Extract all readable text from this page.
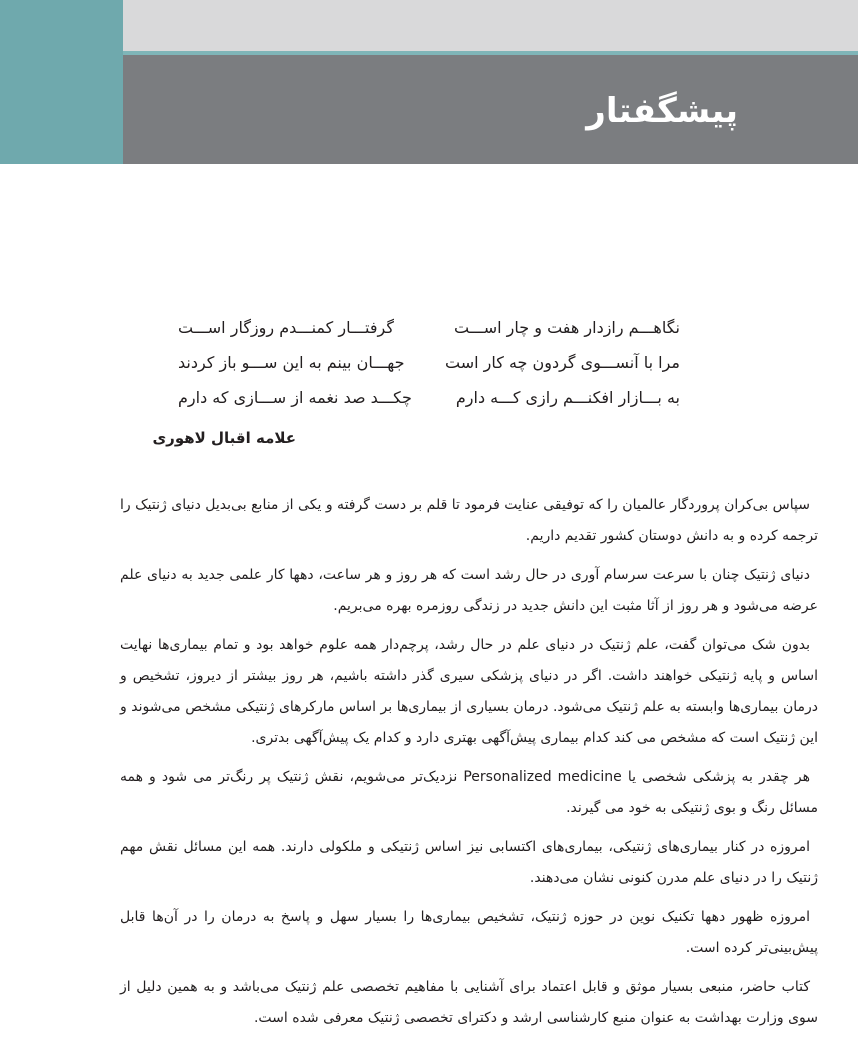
پیشگفتار
نگاهـــم رازدار هفت و چار اســـت
گرفتـــار کمنـــدم روزگار اســـت
مرا با آنســـوی گردون چه کار است
جهـــان بینم به این ســـو باز کردند
به بـــازار افکنـــم رازی کـــه دارم
چکـــد صد نغمه از ســـازی که دارم

علامه اقبال لاهوری

سپاس بی‌کران پروردگار عالمیان را که توفیقی عنایت فرمود تا قلم بر دست گرفته و یکی از منابع بی‌بدیل دنیای ژنتیک را ترجمه کرده و به دانش دوستان کشور تقدیم داریم.

دنیای ژنتیک چنان با سرعت سرسام آوری در حال رشد است که هر روز و هر ساعت، دهها کار علمی جدید به دنیای علم عرضه می‌شود و هر روز از آثا مثبت این دانش جدید در زندگی روزمره بهره می‌بریم.

بدون شک می‌توان گفت، علم ژنتیک در دنیای علم در حال رشد، پرچم‌دار همه علوم خواهد بود و تمام بیماری‌ها نهایت اساس و پایه ژنتیکی خواهند داشت. اگر در دنیای پزشکی سیری گذر داشته باشیم، هر روز بیشتر از دیروز، تشخیص و درمان بیماری‌ها وابسته به علم ژنتیک می‌شود. درمان بسیاری از بیماری‌ها بر اساس مارکرهای ژنتیکی مشخص می‌شوند و این ژنتیک است که مشخص می کند کدام بیماری پیش‌آگهی بهتری دارد و کدام یک پیش‌آگهی بدتری.

هر چقدر به پزشکی شخصی یا Personalized medicine نزدیک‌تر می‌شویم، نقش ژنتیک پر رنگ‌تر می شود و همه مسائل رنگ و بوی ژنتیکی به خود می گیرند.

امروزه در کنار بیماری‌های ژنتیکی، بیماری‌های اکتسابی نیز اساس ژنتیکی و ملکولی دارند. همه این مسائل نقش مهم ژنتیک را در دنیای علم مدرن کنونی نشان می‌دهند.

امروزه ظهور دهها تکنیک نوین در حوزه ژنتیک، تشخیص بیماری‌ها را بسیار سهل و پاسخ به درمان را در آن‌ها قابل پیش‌بینی‌تر کرده است.

کتاب حاضر، منبعی بسیار موثق و قابل اعتماد برای آشنایی با مفاهیم تخصصی علم ژنتیک می‌باشد و به همین دلیل از سوی وزارت بهداشت به عنوان منبع کارشناسی ارشد و دکترای تخصصی ژنتیک معرفی شده است.
